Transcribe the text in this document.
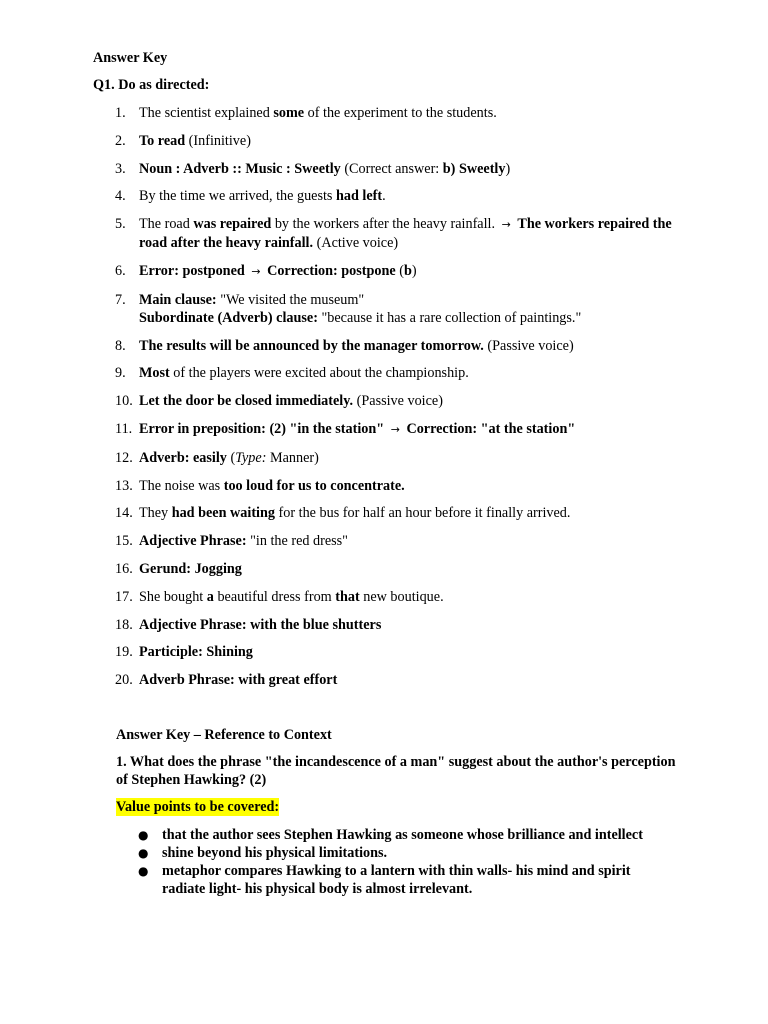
Answer Key
Q1. Do as directed:
1. The scientist explained some of the experiment to the students.
2. To read (Infinitive)
3. Noun : Adverb :: Music : Sweetly (Correct answer: b) Sweetly)
4. By the time we arrived, the guests had left.
5. The road was repaired by the workers after the heavy rainfall. → The workers repaired the road after the heavy rainfall. (Active voice)
6. Error: postponed → Correction: postpone (b)
7. Main clause: "We visited the museum"
Subordinate (Adverb) clause: "because it has a rare collection of paintings."
8. The results will be announced by the manager tomorrow. (Passive voice)
9. Most of the players were excited about the championship.
10. Let the door be closed immediately. (Passive voice)
11. Error in preposition: (2) "in the station" → Correction: "at the station"
12. Adverb: easily (Type: Manner)
13. The noise was too loud for us to concentrate.
14. They had been waiting for the bus for half an hour before it finally arrived.
15. Adjective Phrase: "in the red dress"
16. Gerund: Jogging
17. She bought a beautiful dress from that new boutique.
18. Adjective Phrase: with the blue shutters
19. Participle: Shining
20. Adverb Phrase: with great effort
Answer Key – Reference to Context
1. What does the phrase "the incandescence of a man" suggest about the author's perception of Stephen Hawking? (2)
Value points to be covered:
● that the author sees Stephen Hawking as someone whose brilliance and intellect
● shine beyond his physical limitations.
● metaphor compares Hawking to a lantern with thin walls- his mind and spirit radiate light- his physical body is almost irrelevant.
